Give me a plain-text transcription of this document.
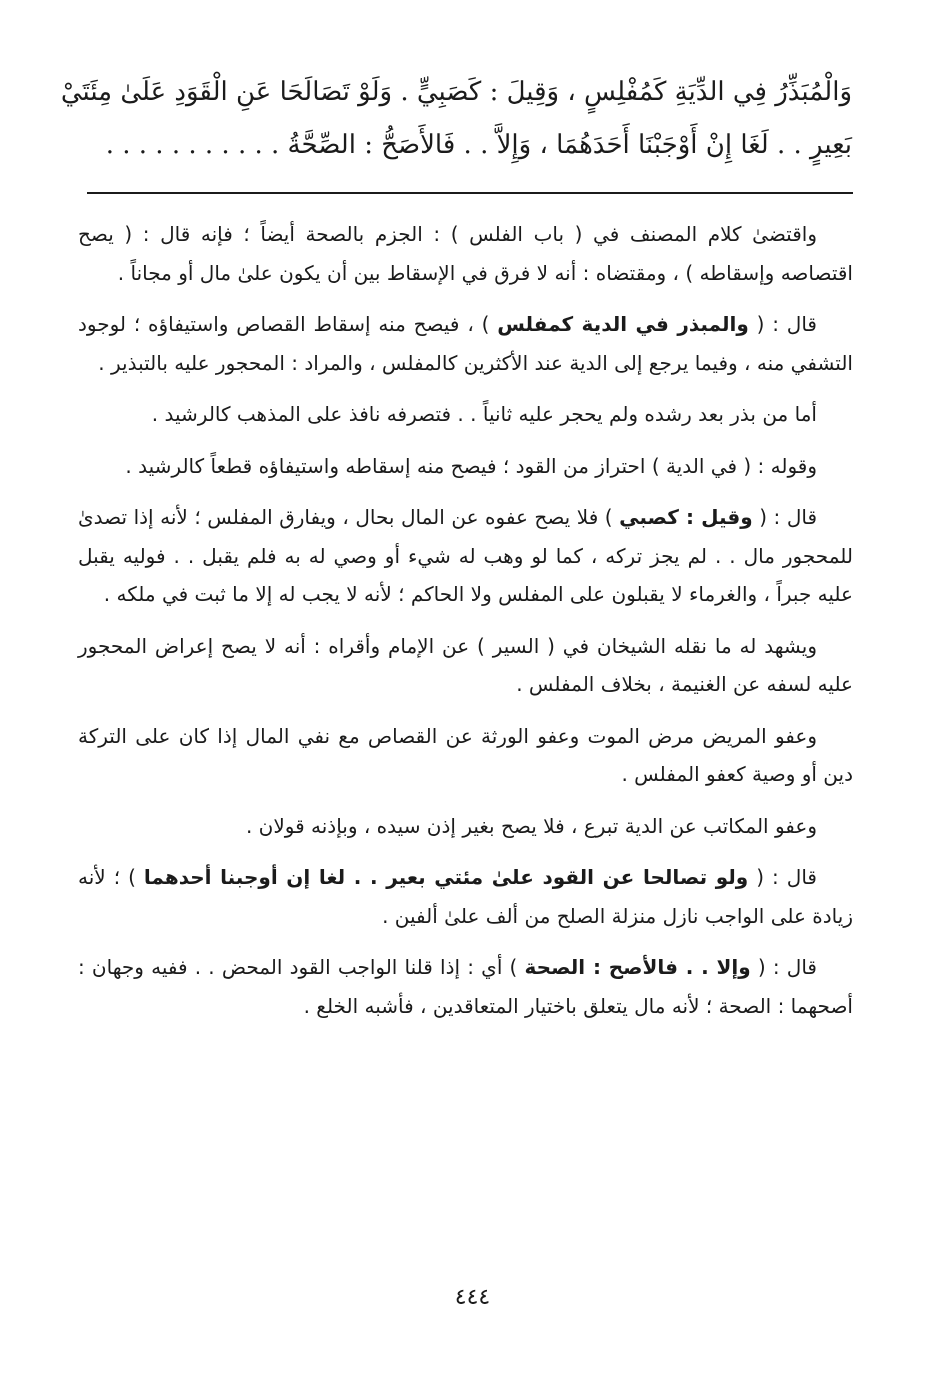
وَالْمُبَذِّرُ فِي الدِّيَةِ كَمُفْلِسٍ ، وَقِيلَ : كَصَبِيٍّ . وَلَوْ تَصَالَحَا عَنِ الْقَوَدِ عَلَىٰ مِئَتَيْ

بَعِيرٍ . . لَغَا إِنْ أَوْجَبْنَا أَحَدَهُمَا ، وَإِلاَّ . . فَالأَصَحُّ : الصِّحَّةُ . . . . . . . . . . .

واقتضىٰ كلام المصنف في ( باب الفلس ) : الجزم بالصحة أيضاً ؛ فإنه قال : ( يصح اقتصاصه وإسقاطه ) ، ومقتضاه : أنه لا فرق في الإسقاط بين أن يكون علىٰ مال أو مجاناً .

قال : ( والمبذر في الدية كمفلس ) ، فيصح منه إسقاط القصاص واستيفاؤه ؛ لوجود التشفي منه ، وفيما يرجع إلى الدية عند الأكثرين كالمفلس ، والمراد : المحجور عليه بالتبذير .

أما من بذر بعد رشده ولم يحجر عليه ثانياً . . فتصرفه نافذ على المذهب كالرشيد .

وقوله : ( في الدية ) احتراز من القود ؛ فيصح منه إسقاطه واستيفاؤه قطعاً كالرشيد .

قال : ( وقيل : كصبي ) فلا يصح عفوه عن المال بحال ، ويفارق المفلس ؛ لأنه إذا تصدىٰ للمحجور مال . . لم يجز تركه ، كما لو وهب له شيء أو وصي له به فلم يقبل . . فوليه يقبل عليه جبراً ، والغرماء لا يقبلون على المفلس ولا الحاكم ؛ لأنه لا يجب له إلا ما ثبت في ملكه .

ويشهد له ما نقله الشيخان في ( السير ) عن الإمام وأقراه : أنه لا يصح إعراض المحجور عليه لسفه عن الغنيمة ، بخلاف المفلس .

وعفو المريض مرض الموت وعفو الورثة عن القصاص مع نفي المال إذا كان على التركة دين أو وصية كعفو المفلس .

وعفو المكاتب عن الدية تبرع ، فلا يصح بغير إذن سيده ، وبإذنه قولان .

قال : ( ولو تصالحا عن القود علىٰ مئتي بعير . . لغا إن أوجبنا أحدهما ) ؛ لأنه زيادة على الواجب نازل منزلة الصلح من ألف علىٰ ألفين .

قال : ( وإلا . . فالأصح : الصحة ) أي : إذا قلنا الواجب القود المحض . . ففيه وجهان : أصحهما : الصحة ؛ لأنه مال يتعلق باختيار المتعاقدين ، فأشبه الخلع .

٤٤٤
